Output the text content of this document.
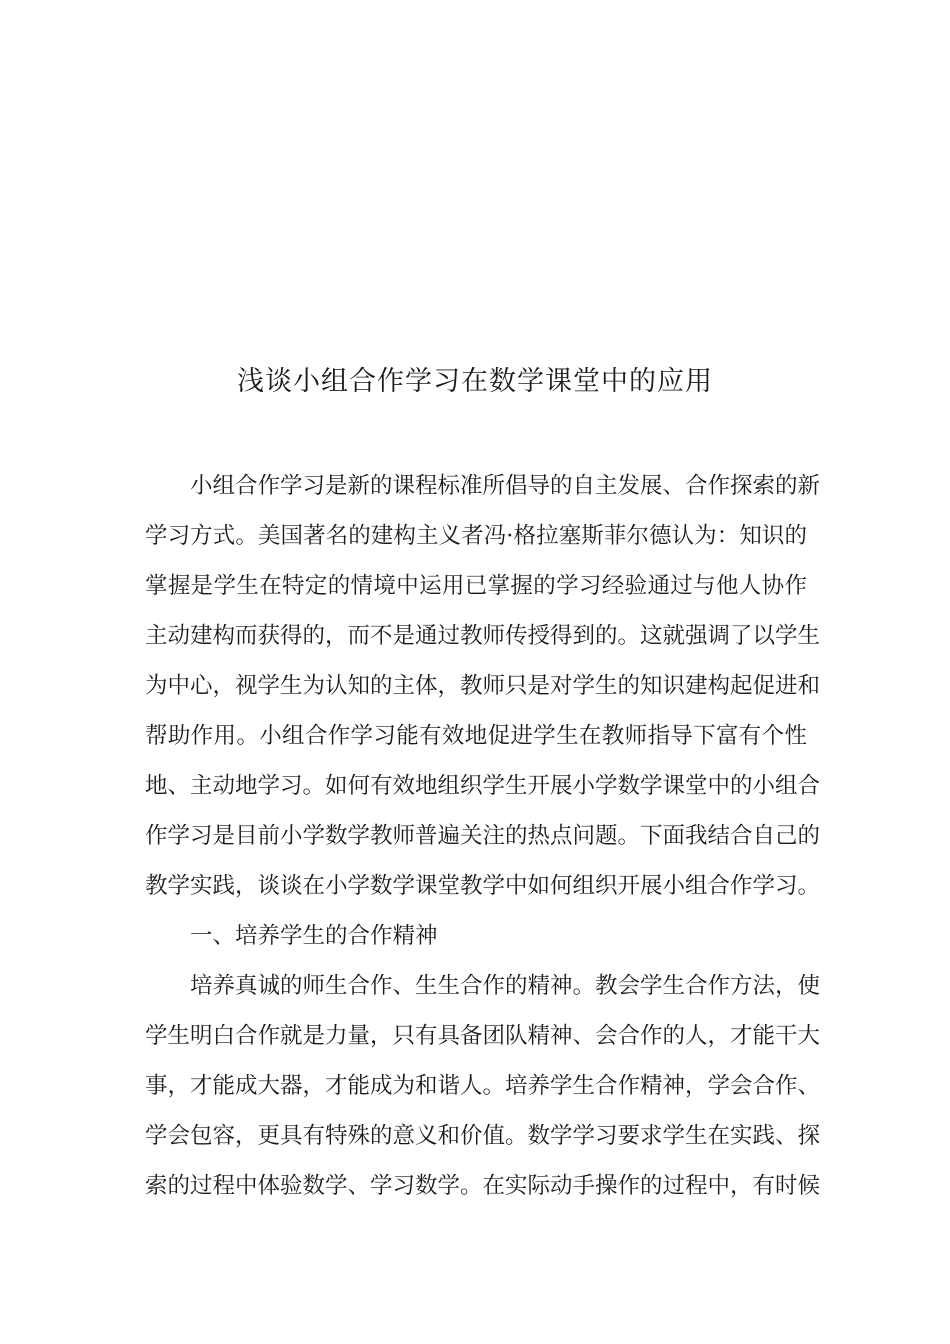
浅谈小组合作学习在数学课堂中的应用
小组合作学习是新的课程标准所倡导的自主发展、合作探索的新
学习方式。美国著名的建构主义者冯·格拉塞斯菲尔德认为：知识的
掌握是学生在特定的情境中运用已掌握的学习经验通过与他人协作
主动建构而获得的，而不是通过教师传授得到的。这就强调了以学生
为中心，视学生为认知的主体，教师只是对学生的知识建构起促进和
帮助作用。小组合作学习能有效地促进学生在教师指导下富有个性
地、主动地学习。如何有效地组织学生开展小学数学课堂中的小组合
作学习是目前小学数学教师普遍关注的热点问题。下面我结合自己的
教学实践，谈谈在小学数学课堂教学中如何组织开展小组合作学习。
一、培养学生的合作精神
培养真诚的师生合作、生生合作的精神。教会学生合作方法，使
学生明白合作就是力量，只有具备团队精神、会合作的人，才能干大
事，才能成大器，才能成为和谐人。培养学生合作精神，学会合作、
学会包容，更具有特殊的意义和价值。数学学习要求学生在实践、探
索的过程中体验数学、学习数学。在实际动手操作的过程中，有时候
